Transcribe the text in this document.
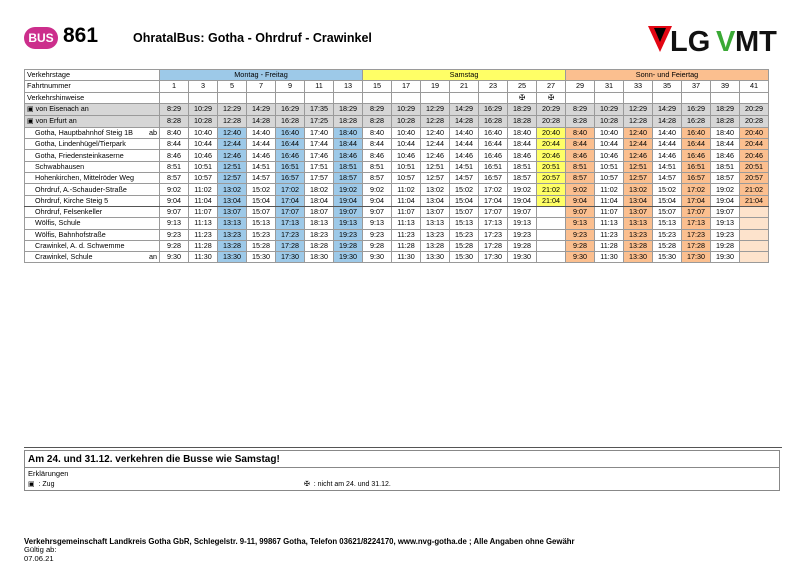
BUS 861	OhratalBus: Gotha - Ohrdruf - Crawinkel	LG V MT
Verkehrstage	Montag - Freitag							Samstag							Sonn- und Feiertag						
Fahrtnummer	1	3	5	7	9	11	13	15	17	19	21	23	25	27	29	31	33	35	37	39	41
Verkehrshinweise													✠	✠							
▣ von Eisenach an	8:29	10:29	12:29	14:29	16:29	17:35	18:29	8:29	10:29	12:29	14:29	16:29	18:29	20:29	8:29	10:29	12:29	14:29	16:29	18:29	20:29
▣ von Erfurt an	8:28	10:28	12:28	14:28	16:28	17:25	18:28	8:28	10:28	12:28	14:28	16:28	18:28	20:28	8:28	10:28	12:28	14:28	16:28	18:28	20:28
Gotha, Hauptbahnhof Steig 1B ab	8:40	10:40	12:40	14:40	16:40	17:40	18:40	8:40	10:40	12:40	14:40	16:40	18:40	20:40	8:40	10:40	12:40	14:40	16:40	18:40	20:40
Gotha, Lindenhügel/Tierpark	8:44	10:44	12:44	14:44	16:44	17:44	18:44	8:44	10:44	12:44	14:44	16:44	18:44	20:44	8:44	10:44	12:44	14:44	16:44	18:44	20:44
Gotha, Friedensteinkaserne	8:46	10:46	12:46	14:46	16:46	17:46	18:46	8:46	10:46	12:46	14:46	16:46	18:46	20:46	8:46	10:46	12:46	14:46	16:46	18:46	20:46
Schwabhausen	8:51	10:51	12:51	14:51	16:51	17:51	18:51	8:51	10:51	12:51	14:51	16:51	18:51	20:51	8:51	10:51	12:51	14:51	16:51	18:51	20:51
Hohenkirchen, Mittelröder Weg	8:57	10:57	12:57	14:57	16:57	17:57	18:57	8:57	10:57	12:57	14:57	16:57	18:57	20:57	8:57	10:57	12:57	14:57	16:57	18:57	20:57
Ohrdruf, A.-Schauder-Straße	9:02	11:02	13:02	15:02	17:02	18:02	19:02	9:02	11:02	13:02	15:02	17:02	19:02	21:02	9:02	11:02	13:02	15:02	17:02	19:02	21:02
Ohrdruf, Kirche Steig 5	9:04	11:04	13:04	15:04	17:04	18:04	19:04	9:04	11:04	13:04	15:04	17:04	19:04	21:04	9:04	11:04	13:04	15:04	17:04	19:04	21:04
Ohrdruf, Felsenkeller	9:07	11:07	13:07	15:07	17:07	18:07	19:07	9:07	11:07	13:07	15:07	17:07	19:07		9:07	11:07	13:07	15:07	17:07	19:07	
Wölfis, Schule	9:13	11:13	13:13	15:13	17:13	18:13	19:13	9:13	11:13	13:13	15:13	17:13	19:13		9:13	11:13	13:13	15:13	17:13	19:13	
Wölfis, Bahnhofstraße	9:23	11:23	13:23	15:23	17:23	18:23	19:23	9:23	11:23	13:23	15:23	17:23	19:23		9:23	11:23	13:23	15:23	17:23	19:23	
Crawinkel, A. d. Schwemme	9:28	11:28	13:28	15:28	17:28	18:28	19:28	9:28	11:28	13:28	15:28	17:28	19:28		9:28	11:28	13:28	15:28	17:28	19:28	
Crawinkel, Schule an	9:30	11:30	13:30	15:30	17:30	18:30	19:30	9:30	11:30	13:30	15:30	17:30	19:30		9:30	11:30	13:30	15:30	17:30	19:30	
Am 24. und 31.12. verkehren die Busse wie Samstag!
Erklärungen
▣  : Zug	✠  : nicht am 24. und 31.12.
Verkehrsgemeinschaft Landkreis Gotha GbR, Schlegelstr. 9-11, 99867 Gotha, Telefon 03621/8224170, www.nvg-gotha.de ; Alle Angaben ohne Gewähr
Gültig ab:
07.06.21
